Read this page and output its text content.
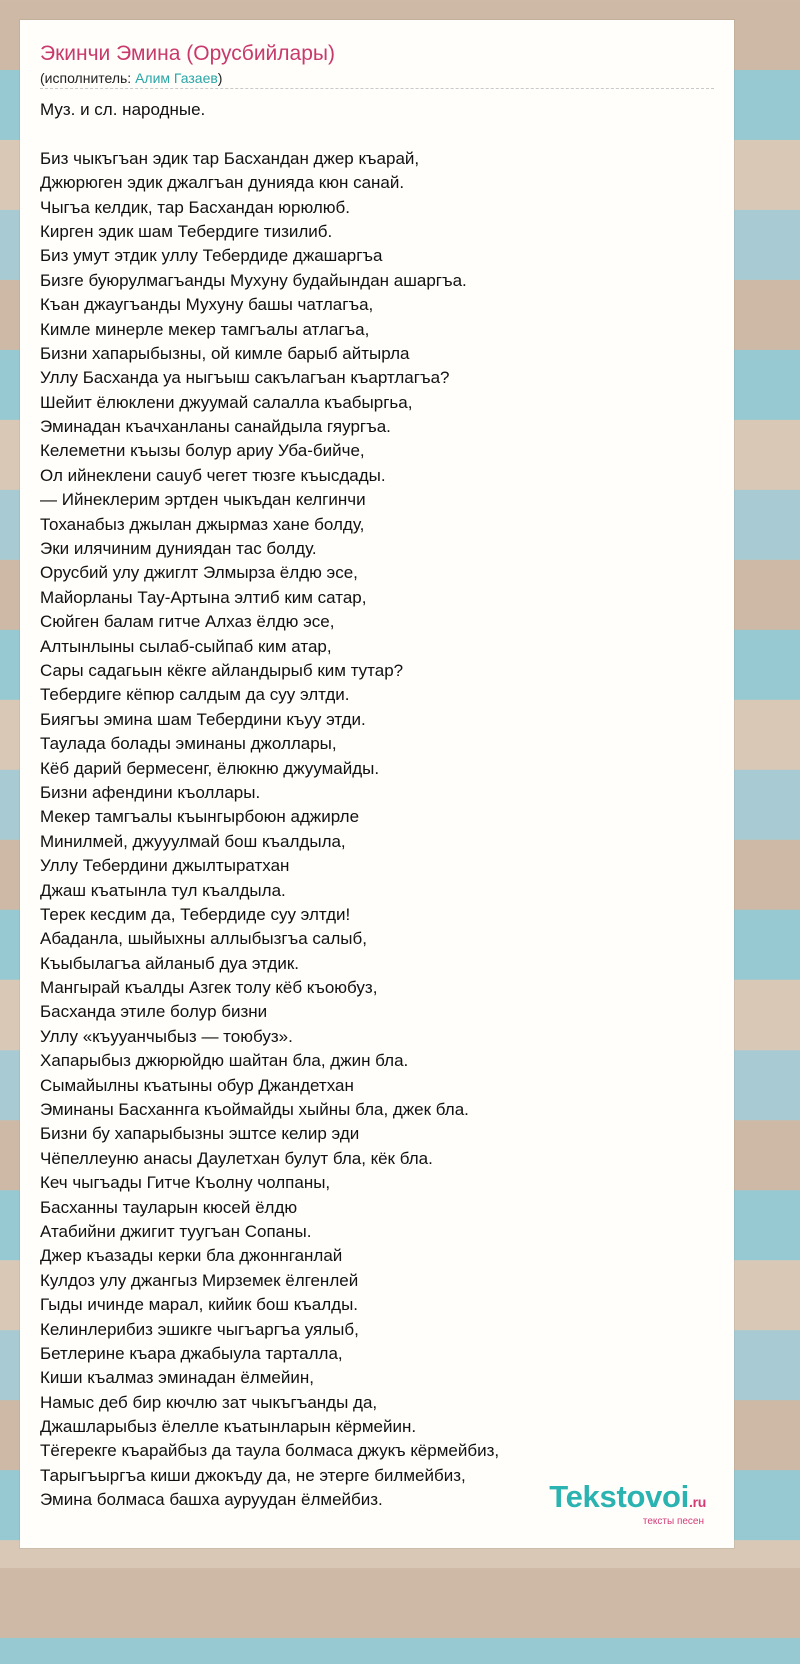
Экинчи Эмина (Орусбийлары)
(исполнитель: Алим Газаев)
Муз. и сл. народные.
Биз чыкъгъан эдик тар Басхандан джер къарай,
Джюрюген эдик джалгъан дунияда кюн санай.
Чыгъа келдик, тар Басхандан юрюлюб.
Кирген эдик шам Тебердиге тизилиб.
Биз умут этдик уллу Тебердиде джашаргъа
Бизге буюрулмагъанды Мухуну будайындан ашаргъа.
Къан джаугъанды Мухуну башы чатлагъа,
Кимле минерле мекер тамгъалы атлагъа,
Бизни хапарыбызны, ой кимле барыб айтырла
Уллу Басханда уа ныгъыш сакълагъан къартлагъа?
Шейит ёлюклени джуумай салалла къабыргьа,
Эминадан къачханланы санайдыла гяургъа.
Келеметни къызы болур ариу Уба-бийче,
Ол ийнеклени сauуб чегет тюзге къысдады.
— Ийнеклерим эртден чыкъдан келгинчи
Тоханабыз джылан джырмаз хане болду,
Эки илячиним дуниядан тас болду.
Орусбий улу джиглт Элмырза ёлдю эсе,
Майорланы Тау-Артына элтиб ким сатар,
Сюйген балам гитче Алхаз ёлдю эсе,
Алтынлыны сылаб-сыйпаб ким атар,
Сары садагьын кёкге айландырыб ким тутар?
Тебердиге кёпюр салдым да суу элтди.
Биягъы эмина шам Тебердини къуу этди.
Таулада болады эминаны джоллары,
Кёб дарий бермесенг, ёлюкню джуумайды.
Бизни афендини къоллары.
Мекер тамгъалы къынгырбоюн аджирле
Минилмей, джууулмай бош къалдыла,
Уллу Тебердини джылтыратхан
Джаш къатынла тул къалдыла.
Терек кесдим да, Тебердиде суу элтди!
Абаданла, шыйыхны аллыбызгъа салыб,
Къыбылагъа айланыб дуа этдик.
Мангырай къалды Азгек толу кёб къоюбуз,
Басханда этиле болур бизни
Уллу «къууанчыбыз — тоюбуз».
Хапарыбыз джюрюйдю шайтан бла, джин бла.
Сымайылны къатыны обур Джандетхан
Эминаны Басханнга къоймайды хыйны бла, джек бла.
Бизни бу хапарыбызны эштсе келир эди
Чёпеллеуню анасы Даулетхан булут бла, кёк бла.
Кеч чыгъады Гитче Къолну чолпаны,
Басханны тауларын кюсей ёлдю
Атабийни джигит туугъан Сопаны.
Джер къазады керки бла джоннганлай
Кулдоз улу джангыз Мирземек ёлгенлей
Гыды ичинде марал, кийик бош къалды.
Келинлерибиз эшикге чыгъаргъа уялыб,
Бетлерине къара джабыула тарталла,
Киши къалмаз эминадан ёлмейин,
Намыс деб бир кючлю зат чыкъгъанды да,
Джашларыбыз ёлелле къатынларын кёрмейин.
Тёгерекге къарайбыз да таула болмаса джукъ кёрмейбиз,
Тарыгъыргъа киши джокъду да, не этерге билмейбиз,
Эмина болмаса башха ауруудан ёлмейбиз.	Tekstovoi.ru
тексты песен
